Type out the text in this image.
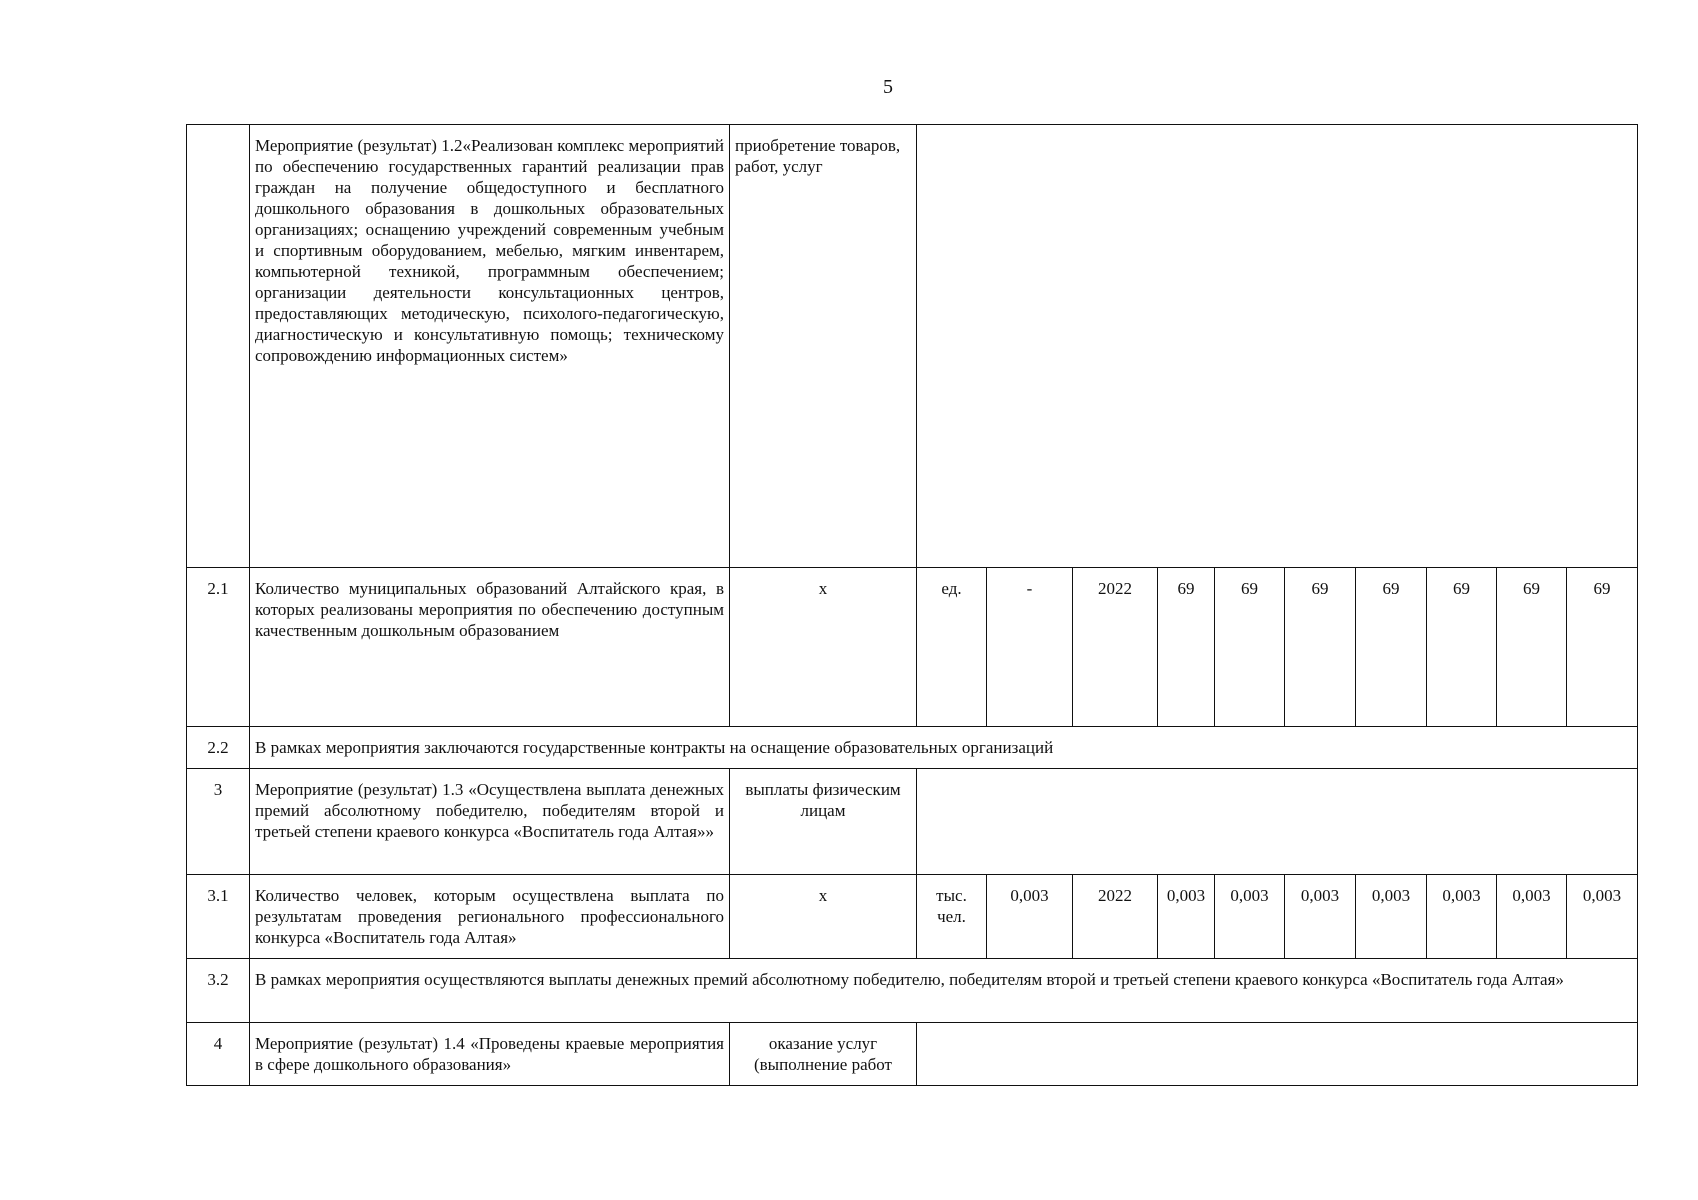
5
	Мероприятие (результат) 1.2«Реализован комплекс мероприятий по обеспечению государственных гарантий реализации прав граждан на получение общедоступного и бесплатного дошкольного образования в дошкольных образовательных организациях; оснащению учреждений современным учебным и спортивным оборудованием, мебелью, мягким инвентарем, компьютерной техникой, программным обеспечением; организации деятельности консультационных центров, предоставляющих методическую, психолого-педагогическую, диагностическую и консультативную помощь; техническому сопровождению информационных систем»	приобретение товаров, работ, услуг										
2.1	Количество муниципальных образований Алтайского края, в которых реализованы мероприятия по обеспечению доступным качественным дошкольным образованием	х	ед.	-	2022	69	69	69	69	69	69	69
2.2	В рамках мероприятия заключаются государственные контракты на оснащение образовательных организаций											
3	Мероприятие (результат) 1.3 «Осуществлена выплата денежных премий абсолютному победителю, победителям второй и третьей степени краевого конкурса «Воспитатель года Алтая»»	выплаты физическим лицам										
3.1	Количество человек, которым осуществлена выплата по результатам проведения регионального профессионального конкурса «Воспитатель года Алтая»	х	тыс. чел.	0,003	2022	0,003	0,003	0,003	0,003	0,003	0,003	0,003
3.2	В рамках мероприятия осуществляются выплаты денежных премий абсолютному победителю, победителям второй и третьей степени краевого конкурса «Воспитатель года Алтая»											
4	Мероприятие (результат) 1.4 «Проведены краевые мероприятия в сфере дошкольного образования»	оказание услуг (выполнение работ										
